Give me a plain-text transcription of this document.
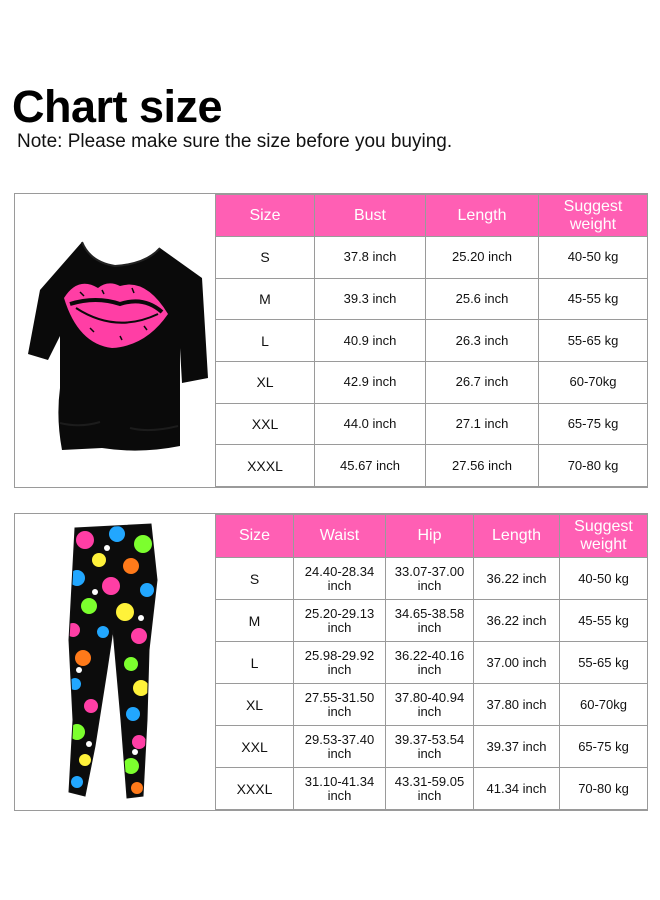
Chart size

Note: Please make sure the size before you buying.

Size	Bust	Length	Suggest weight
S	37.8 inch	25.20 inch	40-50 kg
M	39.3 inch	25.6 inch	45-55 kg
L	40.9 inch	26.3 inch	55-65 kg
XL	42.9 inch	26.7 inch	60-70kg
XXL	44.0 inch	27.1 inch	65-75 kg
XXXL	45.67 inch	27.56 inch	70-80 kg
Size	Waist	Hip	Length	Suggest weight
S	24.40-28.34 inch	33.07-37.00 inch	36.22 inch	40-50 kg
M	25.20-29.13 inch	34.65-38.58 inch	36.22 inch	45-55 kg
L	25.98-29.92 inch	36.22-40.16 inch	37.00 inch	55-65 kg
XL	27.55-31.50 inch	37.80-40.94 inch	37.80 inch	60-70kg
XXL	29.53-37.40 inch	39.37-53.54 inch	39.37 inch	65-75 kg
XXXL	31.10-41.34 inch	43.31-59.05 inch	41.34 inch	70-80 kg
